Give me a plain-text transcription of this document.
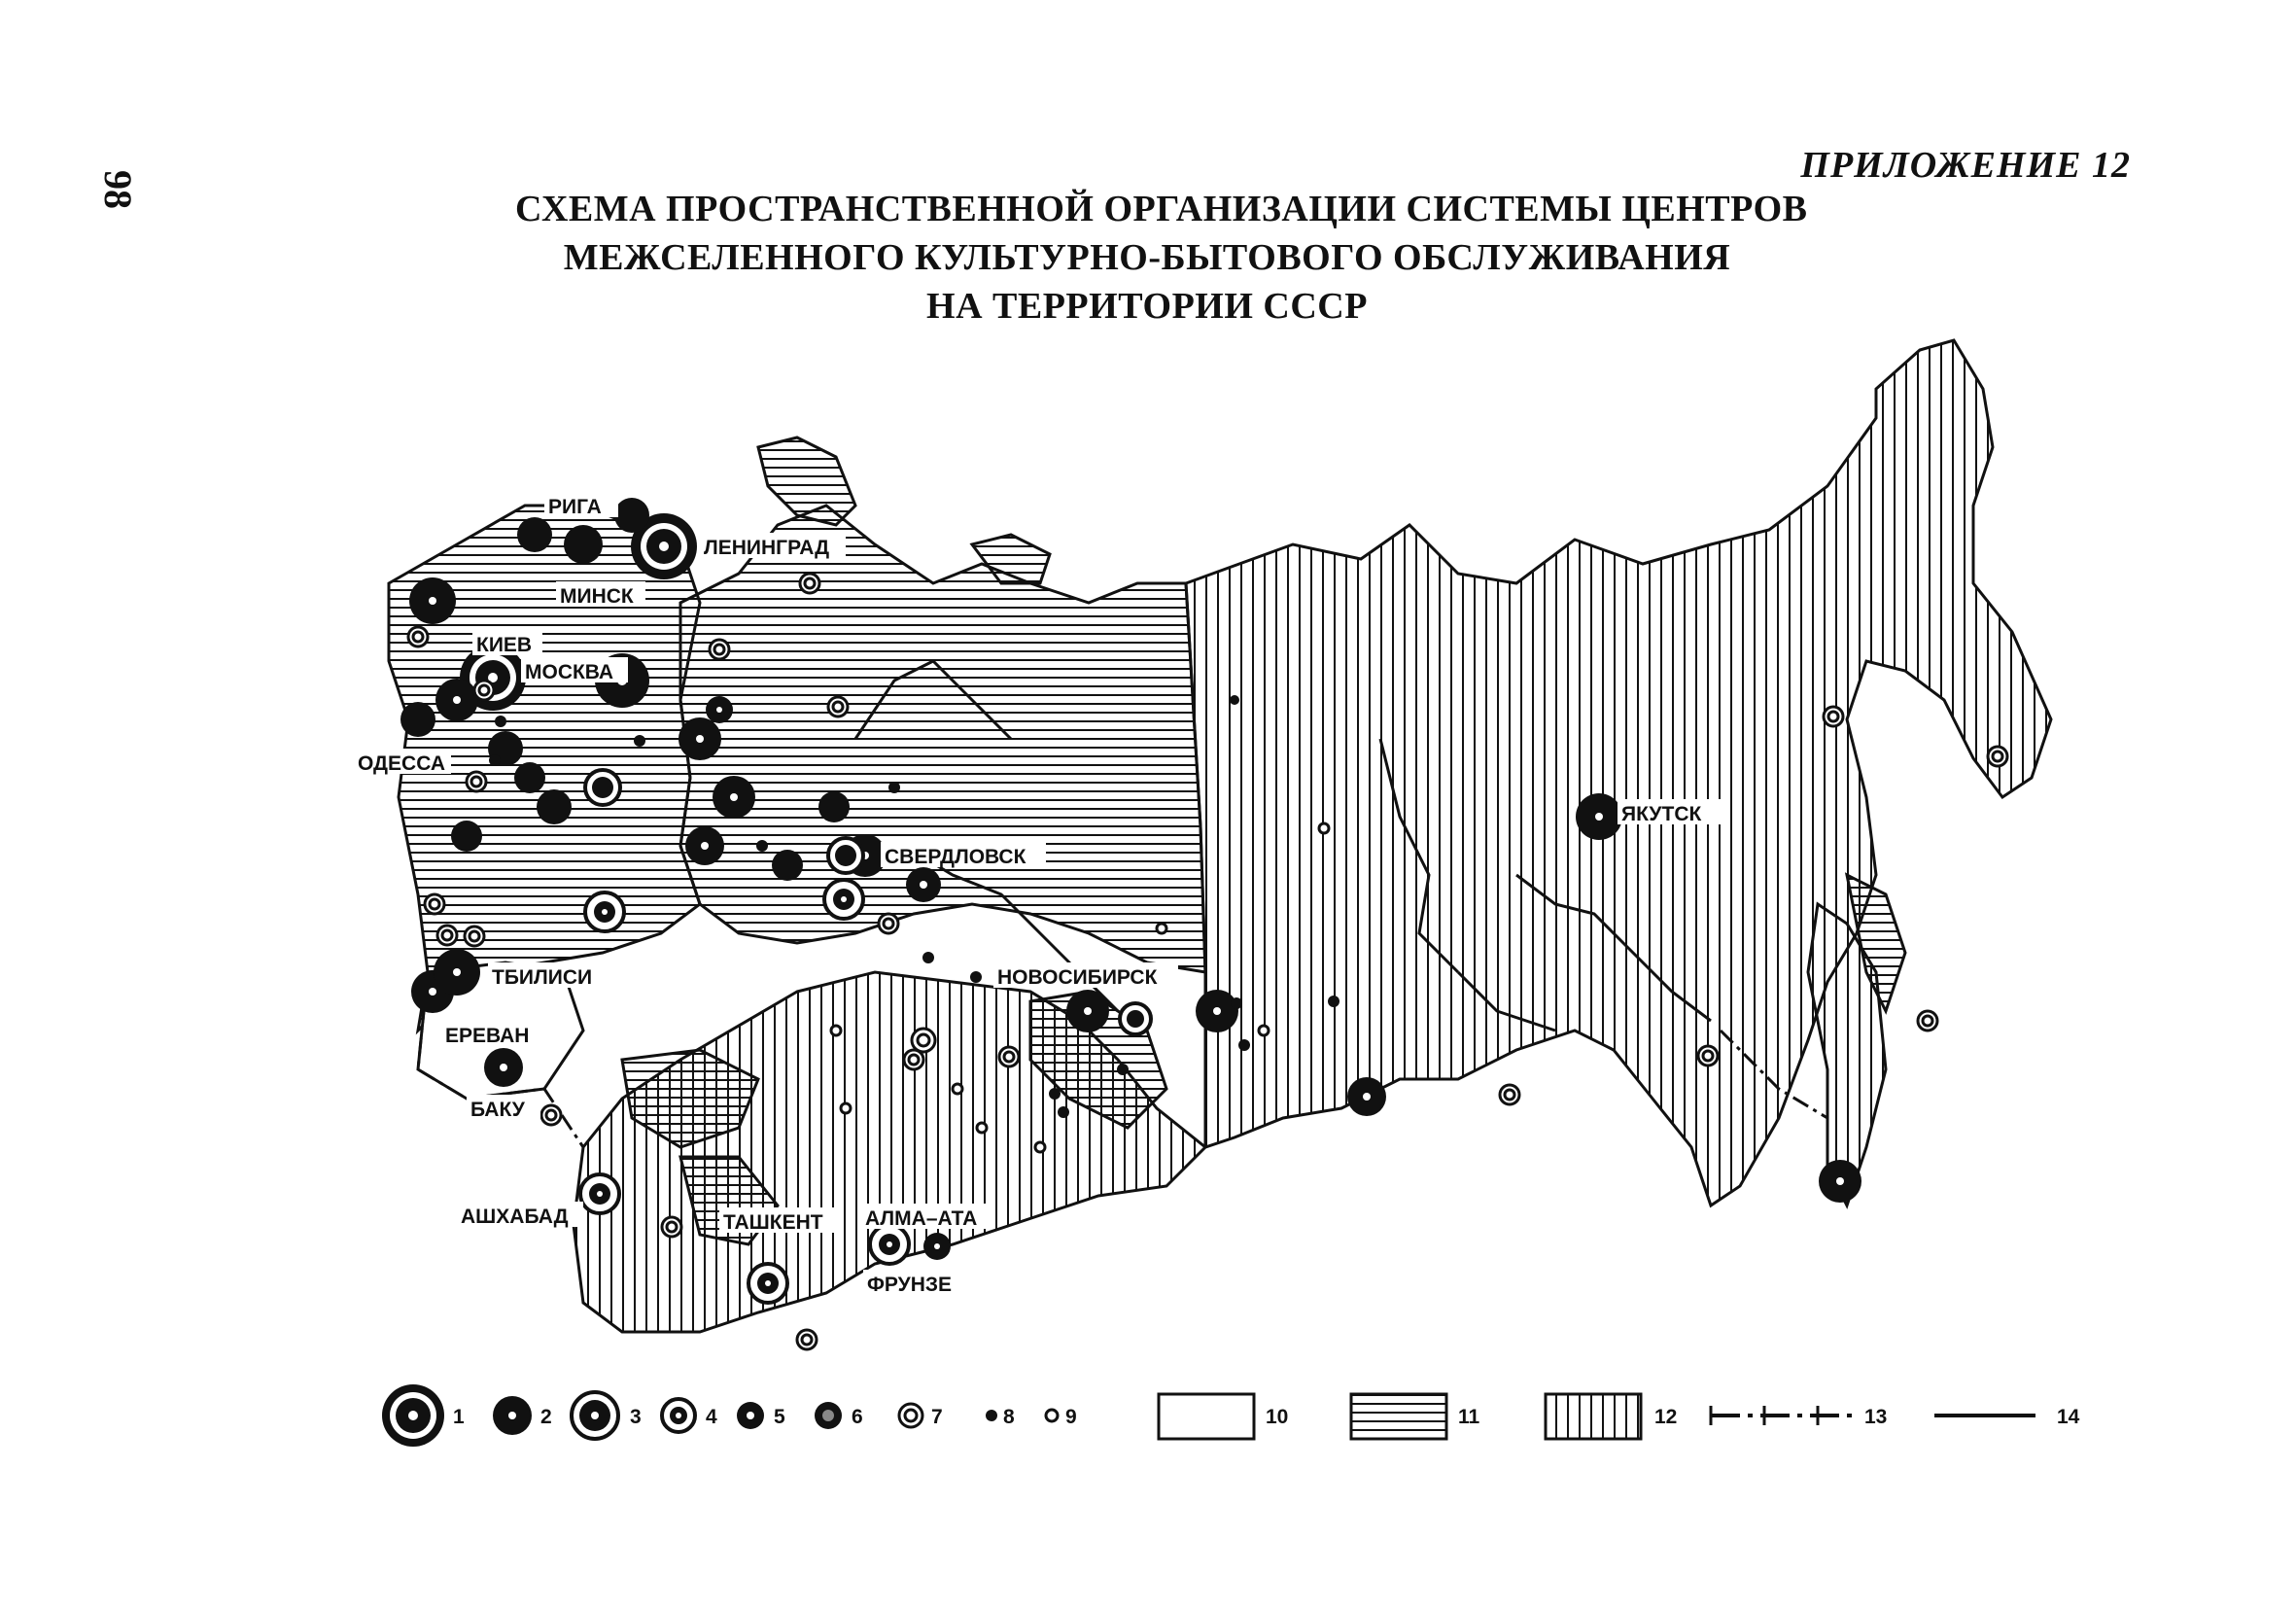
98
ПРИЛОЖЕНИЕ 12
СХЕМА ПРОСТРАНСТВЕННОЙ ОРГАНИЗАЦИИ СИСТЕМЫ ЦЕНТРОВ
МЕЖСЕЛЕННОГО КУЛЬТУРНО-БЫТОВОГО ОБСЛУЖИВАНИЯ
НА ТЕРРИТОРИИ СССР
РИГА
ЛЕНИНГРАД
МИНСК
КИЕВ
МОСКВА
ОДЕССА
СВЕРДЛОВСК
ЯКУТСК
НОВОСИБИРСК
ТБИЛИСИ
ЕРЕВАН
БАКУ
АШХАБАД	ТАШКЕНТ АЛМА–АТА
ФРУНЗЕ
1	2	3	4	5	6	7	8 9	10	11	12	13	14
